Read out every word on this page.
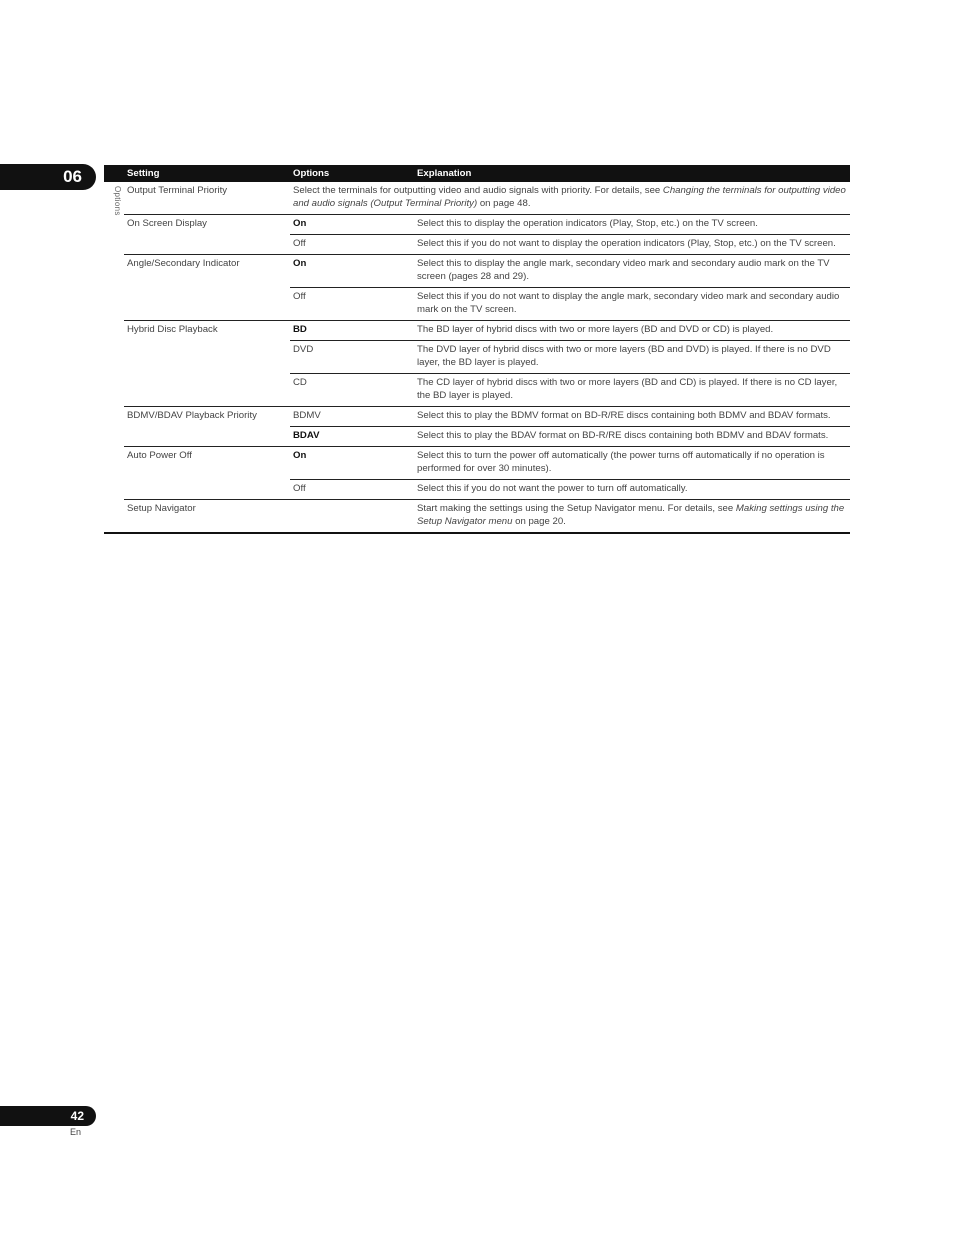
06
Options
	Setting	Options	Explanation
	Output Terminal Priority	Select the terminals for outputting video and audio signals with priority. For details, see Changing the terminals for outputting video and audio signals (Output Terminal Priority) on page 48.	
	On Screen Display	On	Select this to display the operation indicators (Play, Stop, etc.) on the TV screen.
		Off	Select this if you do not want to display the operation indicators (Play, Stop, etc.) on the TV screen.
	Angle/Secondary Indicator	On	Select this to display the angle mark, secondary video mark and secondary audio mark on the TV screen (pages 28 and 29).
		Off	Select this if you do not want to display the angle mark, secondary video mark and secondary audio mark on the TV screen.
	Hybrid Disc Playback	BD	The BD layer of hybrid discs with two or more layers (BD and DVD or CD) is played.
		DVD	The DVD layer of hybrid discs with two or more layers (BD and DVD) is played. If there is no DVD layer, the BD layer is played.
		CD	The CD layer of hybrid discs with two or more layers (BD and CD) is played. If there is no CD layer, the BD layer is played.
	BDMV/BDAV Playback Priority	BDMV	Select this to play the BDMV format on BD-R/RE discs containing both BDMV and BDAV formats.
		BDAV	Select this to play the BDAV format on BD-R/RE discs containing both BDMV and BDAV formats.
	Auto Power Off	On	Select this to turn the power off automatically (the power turns off automatically if no operation is performed for over 30 minutes).
		Off	Select this if you do not want the power to turn off automatically.
	Setup Navigator		Start making the settings using the Setup Navigator menu. For details, see Making settings using the Setup Navigator menu on page 20.
42
En
